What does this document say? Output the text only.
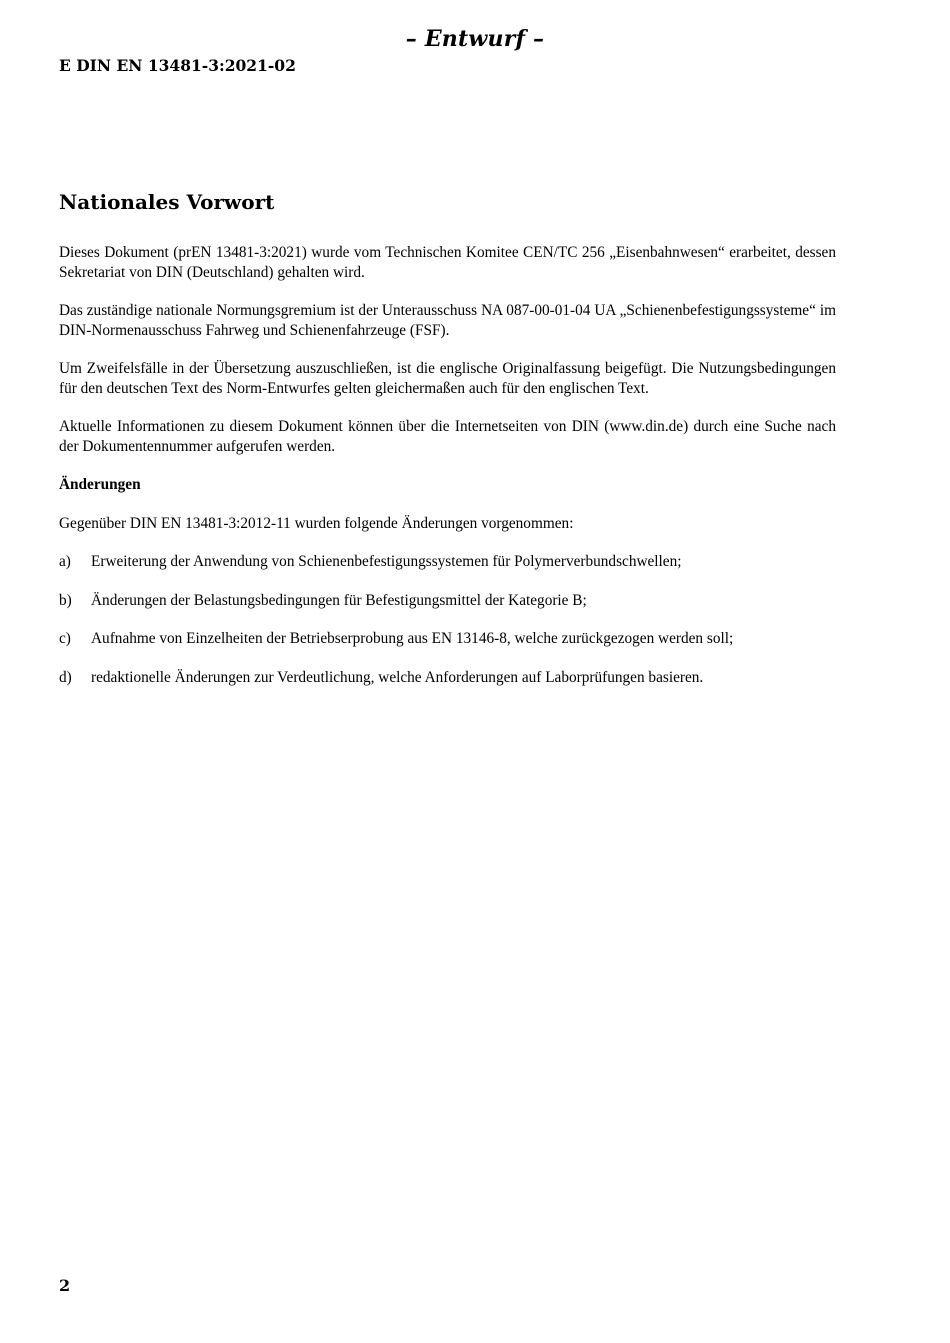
– Entwurf –
E DIN EN 13481-3:2021-02
Nationales Vorwort

Dieses Dokument (prEN 13481-3:2021) wurde vom Technischen Komitee CEN/TC 256 „Eisenbahnwesen“ erarbeitet, dessen Sekretariat von DIN (Deutschland) gehalten wird.

Das zuständige nationale Normungsgremium ist der Unterausschuss NA 087-00-01-04 UA „Schienenbefestigungssysteme“ im DIN-Normenausschuss Fahrweg und Schienenfahrzeuge (FSF).

Um Zweifelsfälle in der Übersetzung auszuschließen, ist die englische Originalfassung beigefügt. Die Nutzungsbedingungen für den deutschen Text des Norm-Entwurfes gelten gleichermaßen auch für den englischen Text.

Aktuelle Informationen zu diesem Dokument können über die Internetseiten von DIN (www.din.de) durch eine Suche nach der Dokumentennummer aufgerufen werden.

Änderungen

Gegenüber DIN EN 13481-3:2012-11 wurden folgende Änderungen vorgenommen:

a)	Erweiterung der Anwendung von Schienenbefestigungssystemen für Polymerverbundschwellen;
b)	Änderungen der Belastungsbedingungen für Befestigungsmittel der Kategorie B;
c)	Aufnahme von Einzelheiten der Betriebserprobung aus EN 13146-8, welche zurückgezogen werden soll;
d)	redaktionelle Änderungen zur Verdeutlichung, welche Anforderungen auf Laborprüfungen basieren.
2
